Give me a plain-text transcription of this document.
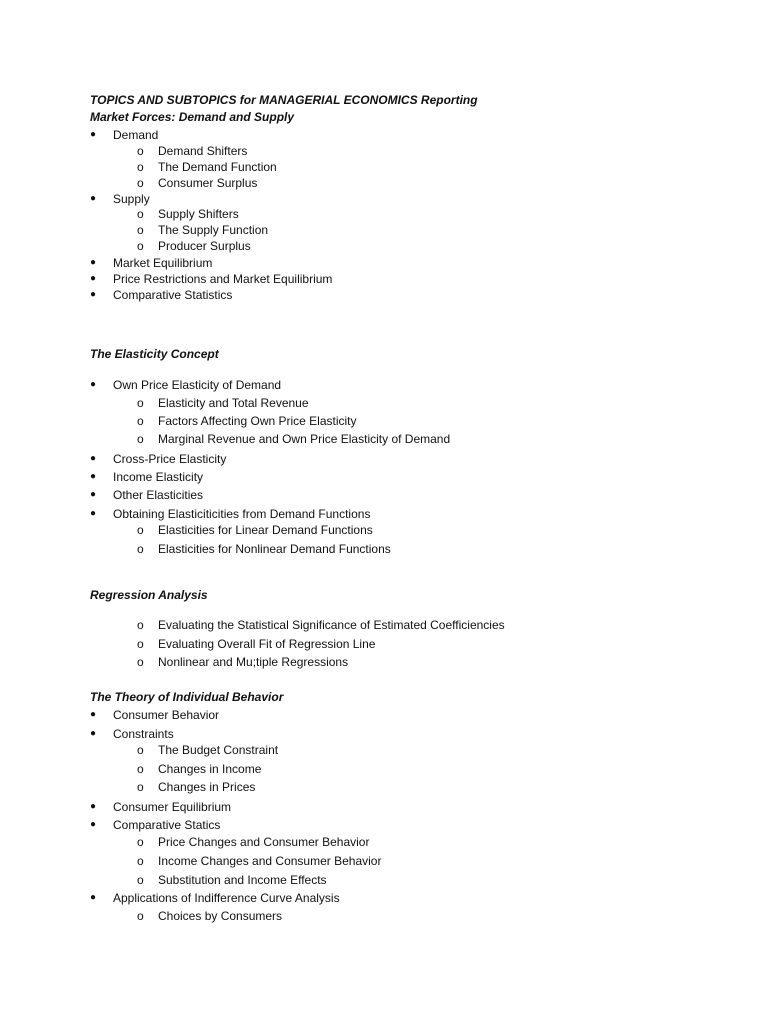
TOPICS AND SUBTOPICS for MANAGERIAL ECONOMICS Reporting
Market Forces: Demand and Supply
● Demand
o Demand Shifters
o The Demand Function
o Consumer Surplus
● Supply
o Supply Shifters
o The Supply Function
o Producer Surplus
● Market Equilibrium
● Price Restrictions and Market Equilibrium
● Comparative Statistics
The Elasticity Concept
● Own Price Elasticity of Demand
o Elasticity and Total Revenue
o Factors Affecting Own Price Elasticity
o Marginal Revenue and Own Price Elasticity of Demand
● Cross-Price Elasticity
● Income Elasticity
● Other Elasticities
● Obtaining Elasticiticities from Demand Functions
o Elasticities for Linear Demand Functions
o Elasticities for Nonlinear Demand Functions
Regression Analysis
o Evaluating the Statistical Significance of Estimated Coefficiencies
o Evaluating Overall Fit of Regression Line
o Nonlinear and Mu;tiple Regressions
The Theory of Individual Behavior
● Consumer Behavior
● Constraints
o The Budget Constraint
o Changes in Income
o Changes in Prices
● Consumer Equilibrium
● Comparative Statics
o Price Changes and Consumer Behavior
o Income Changes and Consumer Behavior
o Substitution and Income Effects
● Applications of Indifference Curve Analysis
o Choices by Consumers
